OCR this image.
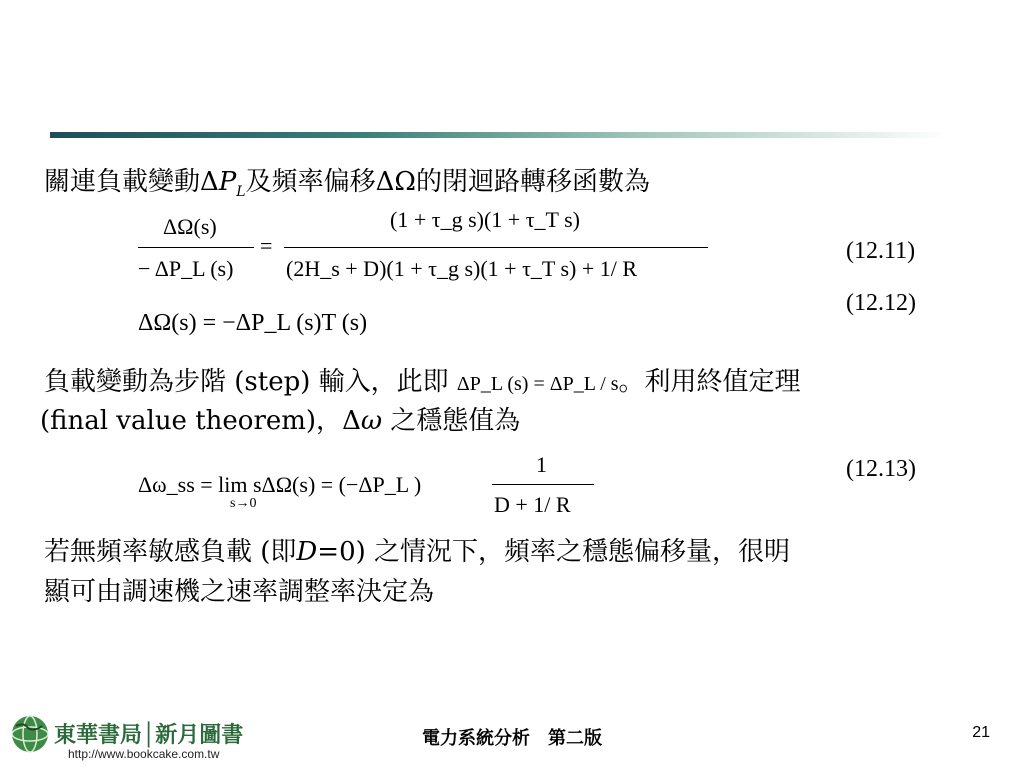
關連負載變動$\Delta P_L$及頻率偏移ΔΩ的閉迴路轉移函數為
ΔΩ(s)
− ΔP_L (s)
=
(1 + τ_g s)(1 + τ_T s)
(2H_s + D)(1 + τ_g s)(1 + τ_T s) + 1/ R
(12.11)
ΔΩ(s) = −ΔP_L (s)T (s)
(12.12)
負載變動為步階 (step) 輸入，此即 ΔP_L (s) = ΔP_L / s。利用終值定理
(final value theorem)，Δω 之穩態值為
Δω_ss = lim sΔΩ(s) = (−ΔP_L )
s→0
1
D + 1/ R
(12.13)
若無頻率敏感負載 (即D=0) 之情況下，頻率之穩態偏移量，很明
顯可由調速機之速率調整率決定為
東華書局│新月圖書
http://www.bookcake.com.tw
電力系統分析　第二版	21
